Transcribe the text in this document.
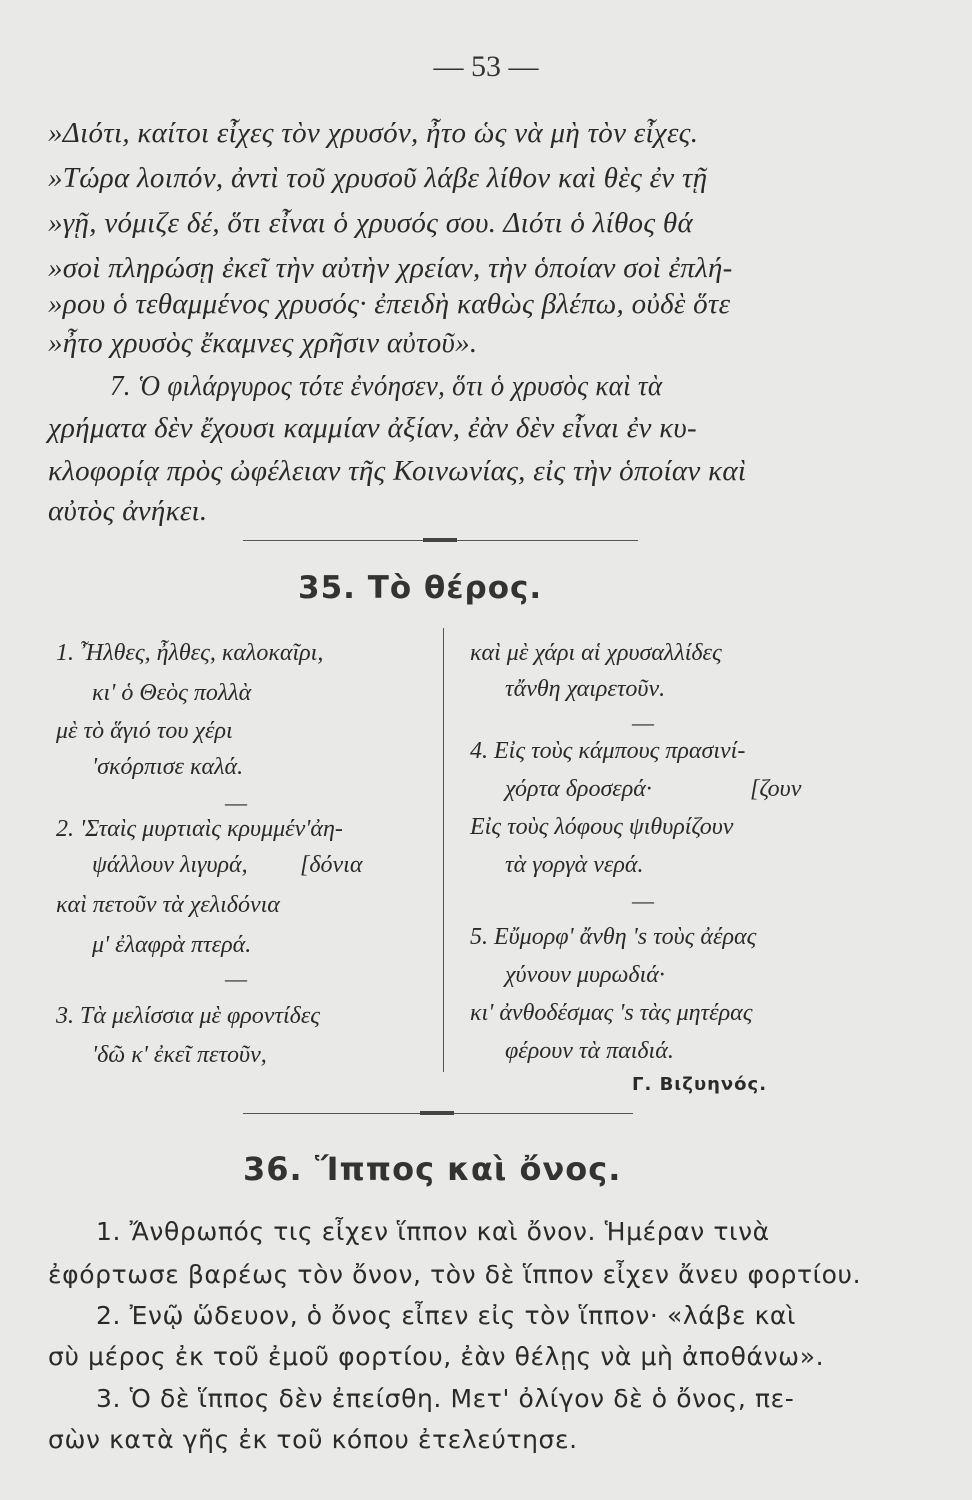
— 53 —
»Διότι, καίτοι εἶχες τὸν χρυσόν, ἦτο ὡς νὰ μὴ τὸν εἶχες.
»Τώρα λοιπόν, ἀντὶ τοῦ χρυσοῦ λάβε λίθον καὶ θὲς ἐν τῇ
»γῇ, νόμιζε δέ, ὅτι εἶναι ὁ χρυσός σου. Διότι ὁ λίθος θά
»σοὶ πληρώσῃ ἐκεῖ τὴν αὐτὴν χρείαν, τὴν ὁποίαν σοὶ ἐπλή-
»ρου ὁ τεθαμμένος χρυσός· ἐπειδὴ καθὼς βλέπω, οὐδὲ ὅτε
»ἦτο χρυσὸς ἔκαμνες χρῆσιν αὐτοῦ».
7. Ὁ φιλάργυρος τότε ἐνόησεν, ὅτι ὁ χρυσὸς καὶ τὰ
χρήματα δὲν ἔχουσι καμμίαν ἀξίαν, ἐὰν δὲν εἶναι ἐν κυ-
κλοφορίᾳ πρὸς ὠφέλειαν τῆς Κοινωνίας, εἰς τὴν ὁποίαν καὶ
αὐτὸς ἀνήκει.
35. Τὸ θέρος.
1. Ἦλθες, ἦλθες, καλοκαῖρι,
κι' ὁ Θεὸς πολλὰ
μὲ τὸ ἅγιό του χέρι
'σκόρπισε καλά.
—
2. 'Σταὶς μυρτιαὶς κρυμμέν'ἀη-
ψάλλουν λιγυρά, [δόνια
καὶ πετοῦν τὰ χελιδόνια
μ' ἐλαφρὰ πτερά.
—
3. Τὰ μελίσσια μὲ φροντίδες
'δῶ κ' ἐκεῖ πετοῦν,
καὶ μὲ χάρι αἱ χρυσαλλίδες
τἄνθη χαιρετοῦν.
—
4. Εἰς τοὺς κάμπους πρασινί-
χόρτα δροσερά·	[ζουν
Εἰς τοὺς λόφους ψιθυρίζουν
τὰ γοργὰ νερά.
—
5. Εὔμορφ' ἄνθη 's τοὺς ἀέρας
χύνουν μυρωδιά·
κι' ἀνθοδέσμας 's τὰς μητέρας
φέρουν τὰ παιδιά.
Γ. Βιζυηνός.
36. Ἵππος καὶ ὄνος.
1. Ἄνθρωπός τις εἶχεν ἵππον καὶ ὄνον. Ἡμέραν τινὰ
ἐφόρτωσε βαρέως τὸν ὄνον, τὸν δὲ ἵππον εἶχεν ἄνευ φορτίου.
2. Ἐνῷ ὥδευον, ὁ ὄνος εἶπεν εἰς τὸν ἵππον· «λάβε καὶ
σὺ μέρος ἐκ τοῦ ἐμοῦ φορτίου, ἐὰν θέλῃς νὰ μὴ ἀποθάνω».
3. Ὁ δὲ ἵππος δὲν ἐπείσθη. Μετ' ὀλίγον δὲ ὁ ὄνος, πε-
σὼν κατὰ γῆς ἐκ τοῦ κόπου ἐτελεύτησε.
